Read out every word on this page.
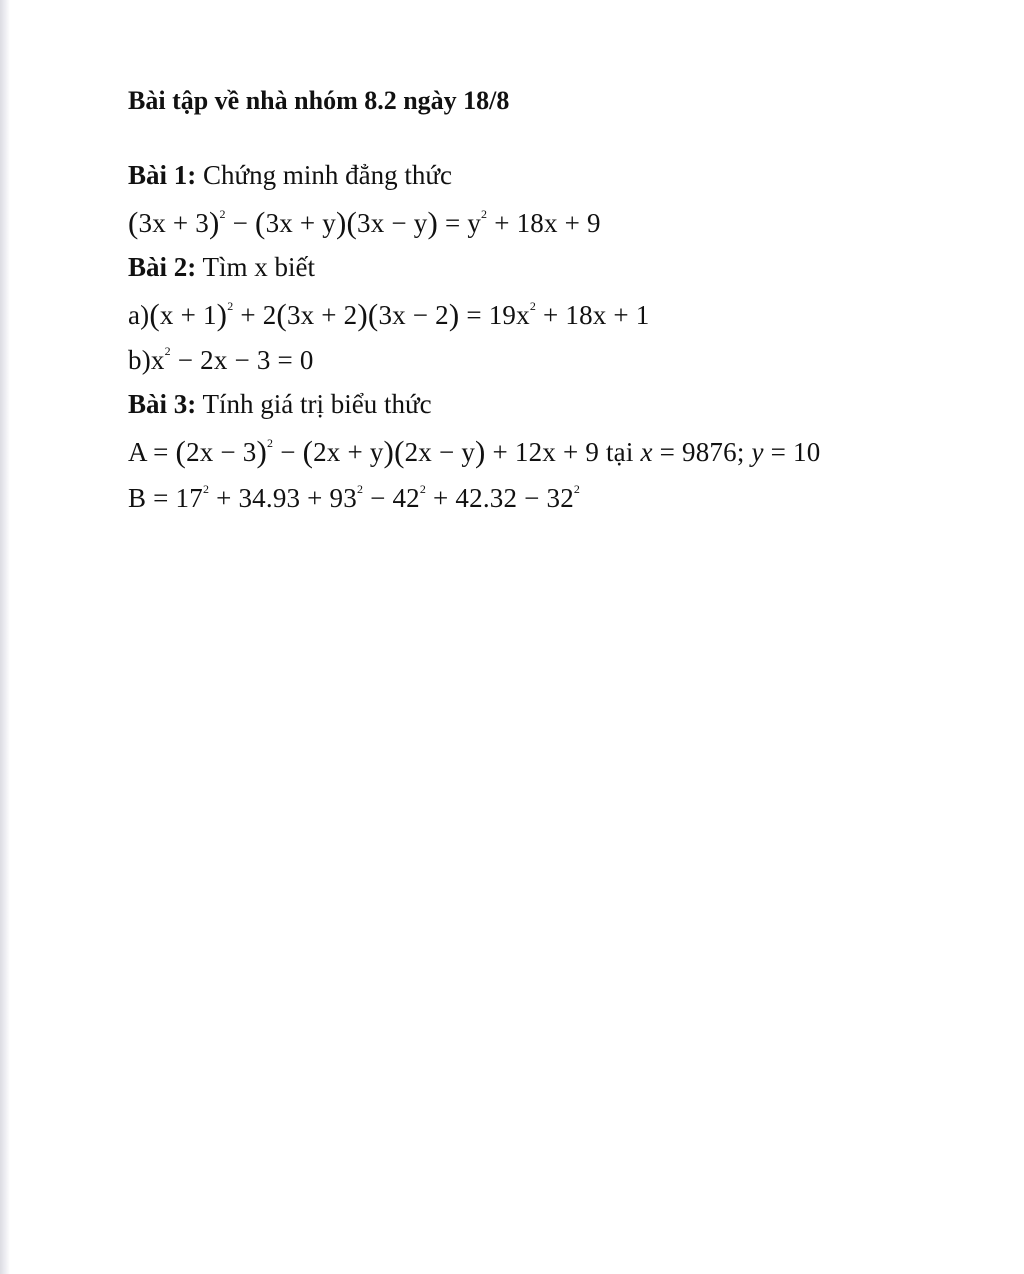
Bài tập về nhà nhóm 8.2 ngày 18/8
Bài 1: Chứng minh đẳng thức
$(3x + 3)^2 - (3x + y)(3x - y) = y^2 + 18x + 9$
Bài 2: Tìm x biết
$a)(x + 1)^2 + 2(3x + 2)(3x - 2) = 19x^2 + 18x + 1$
$b)x^2 - 2x - 3 = 0$
Bài 3: Tính giá trị biểu thức
$A = (2x - 3)^2 - (2x + y)(2x - y) + 12x + 9$ tại x = 9876; y = 10
$B = 17^2 + 34.93 + 93^2 - 42^2 + 42.32 - 32^2$
